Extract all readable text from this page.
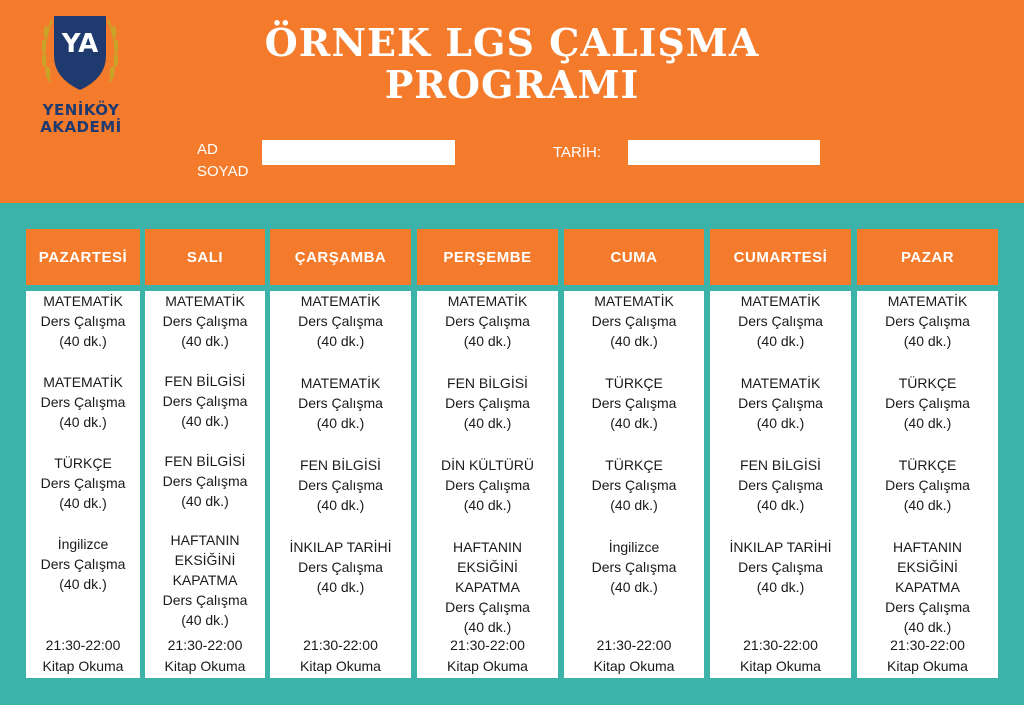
YA
YENİKÖY
AKADEMİ
ÖRNEK LGS ÇALIŞMA
PROGRAMI
AD
SOYAD
TARİH:
PAZARTESİ
MATEMATİK
Ders Çalışma
(40 dk.)
MATEMATİK
Ders Çalışma
(40 dk.)
TÜRKÇE
Ders Çalışma
(40 dk.)
İngilizce
Ders Çalışma
(40 dk.)
21:30-22:00
Kitap Okuma
SALI
MATEMATİK
Ders Çalışma
(40 dk.)
FEN BİLGİSİ
Ders Çalışma
(40 dk.)
FEN BİLGİSİ
Ders Çalışma
(40 dk.)
HAFTANIN
EKSİĞİNİ
KAPATMA
Ders Çalışma
(40 dk.)
21:30-22:00
Kitap Okuma
ÇARŞAMBA
MATEMATİK
Ders Çalışma
(40 dk.)
MATEMATİK
Ders Çalışma
(40 dk.)
FEN BİLGİSİ
Ders Çalışma
(40 dk.)
İNKILAP TARİHİ
Ders Çalışma
(40 dk.)
21:30-22:00
Kitap Okuma
PERŞEMBE
MATEMATİK
Ders Çalışma
(40 dk.)
FEN BİLGİSİ
Ders Çalışma
(40 dk.)
DİN KÜLTÜRÜ
Ders Çalışma
(40 dk.)
HAFTANIN
EKSİĞİNİ
KAPATMA
Ders Çalışma
(40 dk.)
21:30-22:00
Kitap Okuma
CUMA
MATEMATİK
Ders Çalışma
(40 dk.)
TÜRKÇE
Ders Çalışma
(40 dk.)
TÜRKÇE
Ders Çalışma
(40 dk.)
İngilizce
Ders Çalışma
(40 dk.)
21:30-22:00
Kitap Okuma
CUMARTESİ
MATEMATİK
Ders Çalışma
(40 dk.)
MATEMATİK
Ders Çalışma
(40 dk.)
FEN BİLGİSİ
Ders Çalışma
(40 dk.)
İNKILAP TARİHİ
Ders Çalışma
(40 dk.)
21:30-22:00
Kitap Okuma
PAZAR
MATEMATİK
Ders Çalışma
(40 dk.)
TÜRKÇE
Ders Çalışma
(40 dk.)
TÜRKÇE
Ders Çalışma
(40 dk.)
HAFTANIN
EKSİĞİNİ
KAPATMA
Ders Çalışma
(40 dk.)
21:30-22:00
Kitap Okuma
